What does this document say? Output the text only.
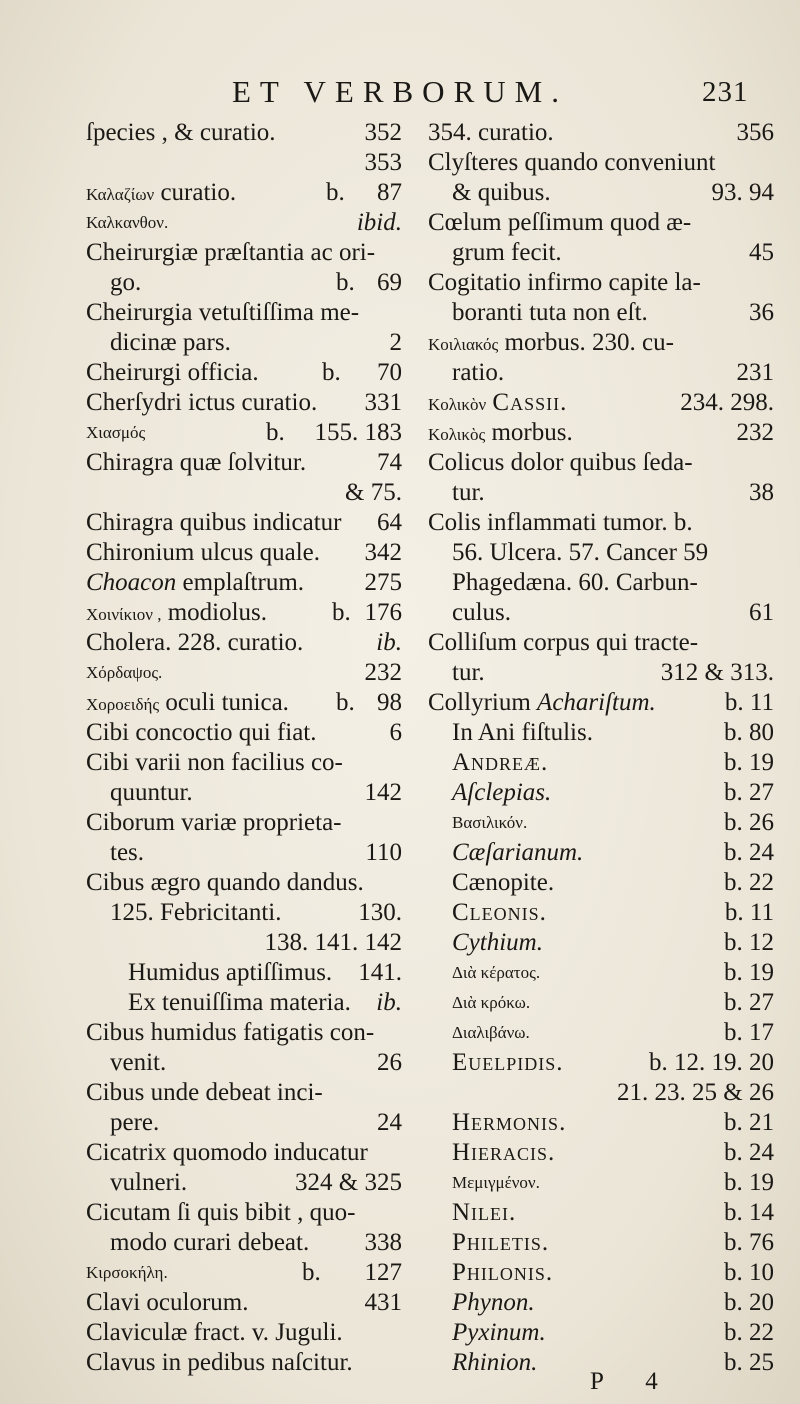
ET VERBORUM.	231
ſpecies , & curatio.	352
353
Καλαζίων curatio.	b. 87
Καλκανθον.	ibid.
Cheirurgiæ præſtantia ac ori-
go.	b. 69
Cheirurgia vetuſtiſſima me-
dicinæ pars.	2
Cheirurgi officia.	b. 70
Cherſydri ictus curatio. 331
Χιασμός	b. 155. 183
Chiragra quæ ſolvitur.	74
& 75.
Chiragra quibus indicatur 64
Chironium ulcus quale. 342
Choacon emplaſtrum. 275
Χοινίκιον , modiolus.	b. 176
Cholera. 228. curatio.	ib.
Χόρδαψος.	232
Χοροειδής oculi tunica. b. 98
Cibi concoctio qui fiat.	6
Cibi varii non facilius co-
quuntur.	142
Ciborum variæ proprieta-
tes.	110
Cibus ægro quando dandus.
125. Febricitanti.	130.
138. 141. 142
Humidus aptiſſimus. 141.
Ex tenuiſſima materia. ib.
Cibus humidus fatigatis con-
venit.	26
Cibus unde debeat inci-
pere.	24
Cicatrix quomodo inducatur
vulneri.	324 & 325
Cicutam ſi quis bibit , quo-
modo curari debeat. 338
Κιρσοκήλη.	b. 127
Clavi oculorum.	431
Claviculæ fract. v. Juguli.
Clavus in pedibus naſcitur.
354. curatio.	356
Clyſteres quando conveniunt
& quibus.	93. 94
Cœlum peſſimum quod æ-
grum fecit.	45
Cogitatio infirmo capite la-
boranti tuta non eſt.	36
Κοιλιακός morbus. 230. cu-
ratio.	231
Κολικὸν Cassii.	234. 298.
Κολικὸς morbus.	232
Colicus dolor quibus ſeda-
tur.	38
Colis inflammati tumor. b.
56. Ulcera. 57. Cancer 59
Phagedæna. 60. Carbun-
culus.	61
Colliſum corpus qui tracte-
tur.	312 & 313.
Collyrium Achariſtum.	b. 11
In Ani fiſtulis.	b. 80
Andreæ.	b. 19
Aſclepias.	b. 27
Βασιλικόν.	b. 26
Cæſarianum.	b. 24
Cænopite.	b. 22
Cleonis.	b. 11
Cythium.	b. 12
Διὰ κέρατος.	b. 19
Διὰ κρόκω.	b. 27
Διαλιβάνω.	b. 17
Euelpidis.	b. 12. 19. 20
21. 23. 25 & 26
Hermonis.	b. 21
Hieracis.	b. 24
Μεμιγμένον.	b. 19
Nilei.	b. 14
Philetis.	b. 76
Philonis.	b. 10
Phynon.	b. 20
Pyxinum.	b. 22
Rhinion.	b. 25
P 4
